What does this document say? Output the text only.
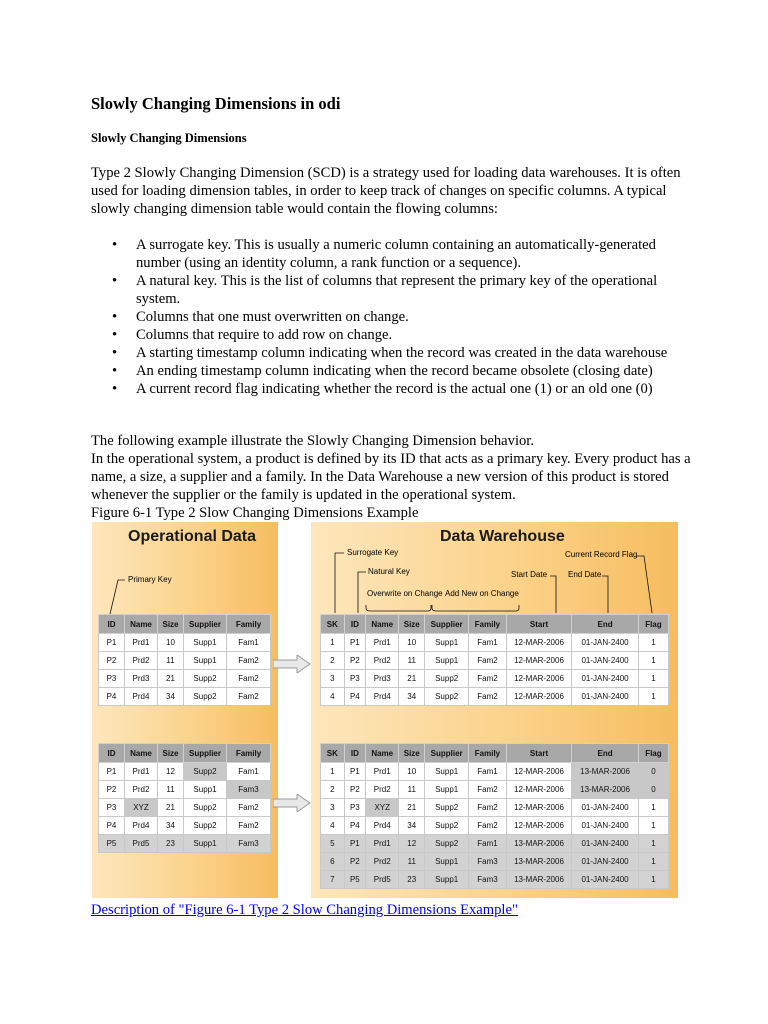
Slowly Changing Dimensions in odi
Slowly Changing Dimensions
Type 2 Slowly Changing Dimension (SCD) is a strategy used for loading data warehouses. It is often used for loading dimension tables, in order to keep track of changes on specific columns. A typical slowly changing dimension table would contain the flowing columns:
• A surrogate key. This is usually a numeric column containing an automatically-generated number (using an identity column, a rank function or a sequence).
• A natural key. This is the list of columns that represent the primary key of the operational system.
• Columns that one must overwritten on change.
• Columns that require to add row on change.
• A starting timestamp column indicating when the record was created in the data warehouse
• An ending timestamp column indicating when the record became obsolete (closing date)
• A current record flag indicating whether the record is the actual one (1) or an old one (0)
The following example illustrate the Slowly Changing Dimension behavior.
In the operational system, a product is defined by its ID that acts as a primary key. Every product has a name, a size, a supplier and a family. In the Data Warehouse a new version of this product is stored whenever the supplier or the family is updated in the operational system.
Figure 6-1 Type 2 Slow Changing Dimensions Example
Operational Data
Primary Key
Data Warehouse
Surrogate Key
Natural Key
Overwrite on Change Add New on Change
Start Date	End Date
Current Record Flag
ID	Name	Size	Supplier	Family
P1	Prd1	10	Supp1	Fam1
P2	Prd2	11	Supp1	Fam2
P3	Prd3	21	Supp2	Fam2
P4	Prd4	34	Supp2	Fam2
ID	Name	Size	Supplier	Family
P1	Prd1	12	Supp2	Fam1
P2	Prd2	11	Supp1	Fam3
P3	XYZ	21	Supp2	Fam2
P4	Prd4	34	Supp2	Fam2
P5	Prd5	23	Supp1	Fam3
SK	ID	Name	Size	Supplier	Family	Start	End	Flag
1	P1	Prd1	10	Supp1	Fam1	12-MAR-2006	01-JAN-2400	1
2	P2	Prd2	11	Supp1	Fam2	12-MAR-2006	01-JAN-2400	1
3	P3	Prd3	21	Supp2	Fam2	12-MAR-2006	01-JAN-2400	1
4	P4	Prd4	34	Supp2	Fam2	12-MAR-2006	01-JAN-2400	1
SK	ID	Name	Size	Supplier	Family	Start	End	Flag
1	P1	Prd1	10	Supp1	Fam1	12-MAR-2006	13-MAR-2006	0
2	P2	Prd2	11	Supp1	Fam2	12-MAR-2006	13-MAR-2006	0
3	P3	XYZ	21	Supp2	Fam2	12-MAR-2006	01-JAN-2400	1
4	P4	Prd4	34	Supp2	Fam2	12-MAR-2006	01-JAN-2400	1
5	P1	Prd1	12	Supp2	Fam1	13-MAR-2006	01-JAN-2400	1
6	P2	Prd2	11	Supp1	Fam3	13-MAR-2006	01-JAN-2400	1
7	P5	Prd5	23	Supp1	Fam3	13-MAR-2006	01-JAN-2400	1
Description of "Figure 6-1 Type 2 Slow Changing Dimensions Example"
